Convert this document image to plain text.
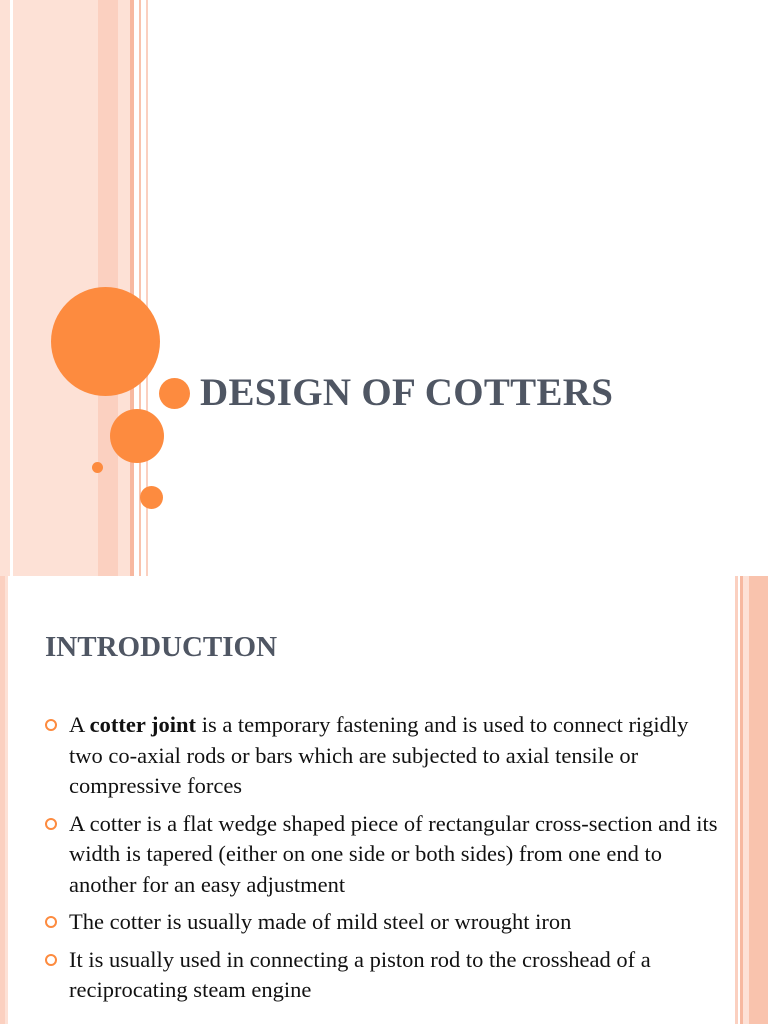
DESIGN OF COTTERS
INTRODUCTION
A cotter joint is a temporary fastening and is used to connect rigidly two co-axial rods or bars which are subjected to axial tensile or compressive forces
A cotter is a flat wedge shaped piece of rectangular cross-section and its width is tapered (either on one side or both sides) from one end to another for an easy adjustment
The cotter is usually made of mild steel or wrought iron
It is usually used in connecting a piston rod to the crosshead of a reciprocating steam engine
